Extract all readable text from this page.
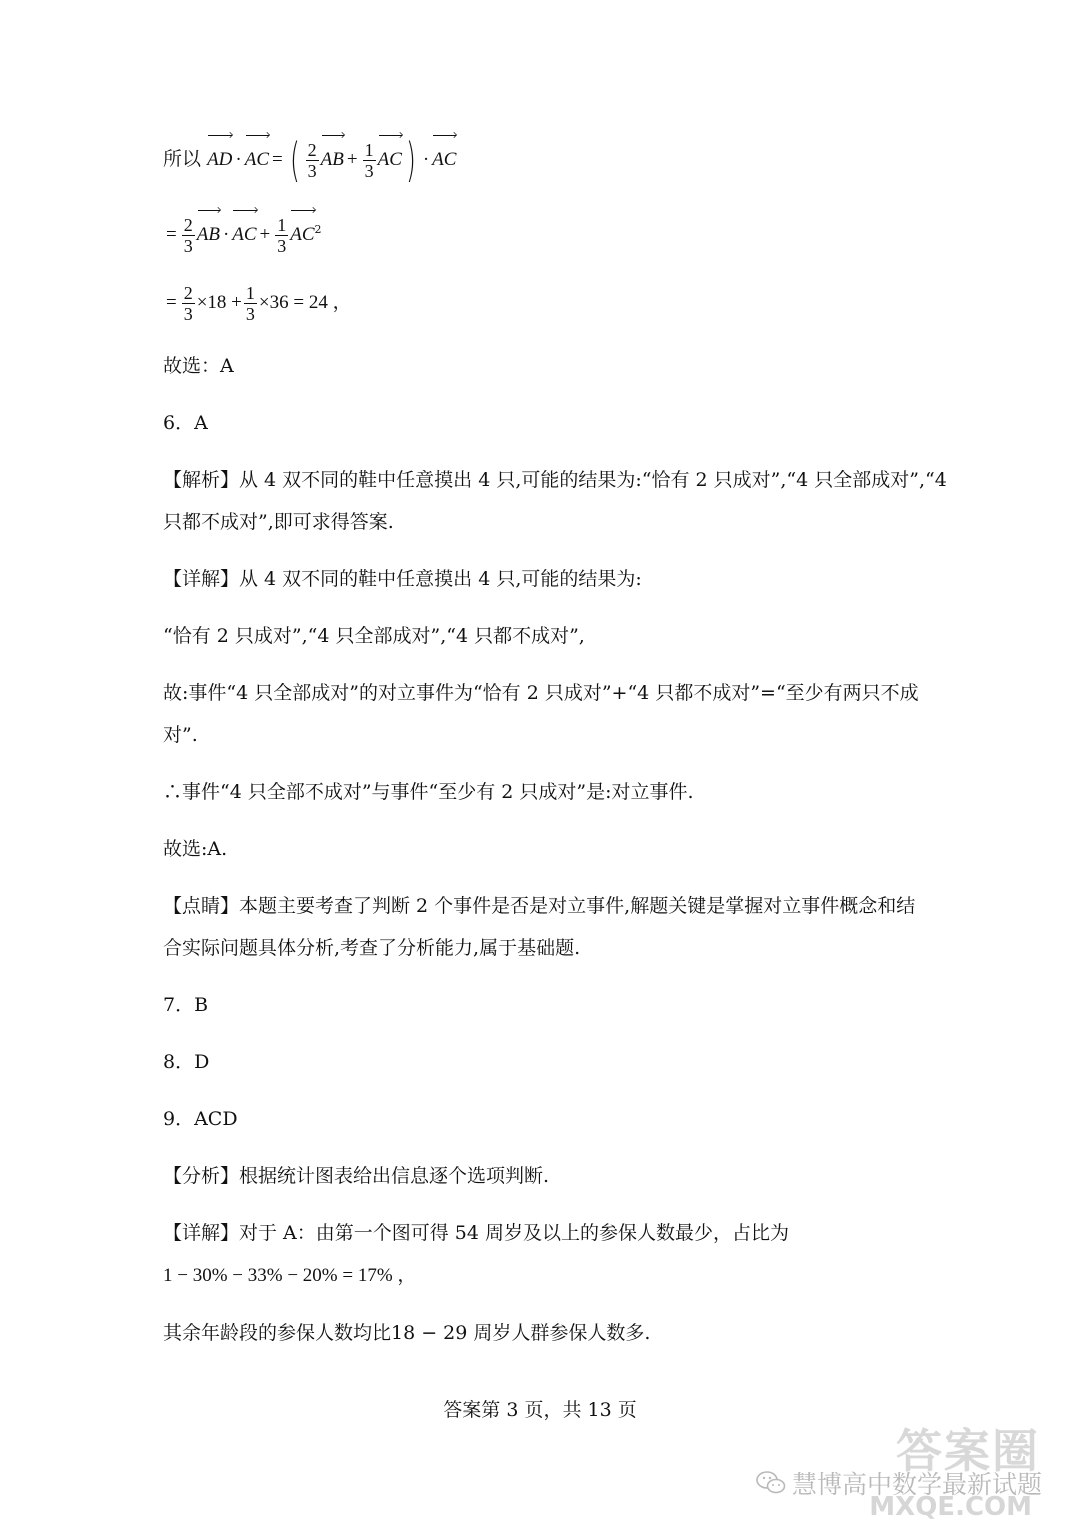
所以 AD · AC = ( $\frac{2}{3}$ AB + $\frac{1}{3} AC$) · AC
= $\frac{2}{3}$ AB · AC + $\frac{1}{3} AC^2$
= $\frac{2}{3} \times 18 + \frac{1}{3} \times 36 = 24$ ，
故选：A
6．A
【解析】从 4 双不同的鞋中任意摸出 4 只,可能的结果为:“恰有 2 只成对”,“4 只全部成对”,“4
只都不成对”,即可求得答案.
【详解】从 4 双不同的鞋中任意摸出 4 只,可能的结果为:
“恰有 2 只成对”,“4 只全部成对”,“4 只都不成对”,
故:事件“4 只全部成对”的对立事件为“恰有 2 只成对”+“4 只都不成对”=“至少有两只不成
对”.
∴事件“4 只全部不成对”与事件“至少有 2 只成对”是:对立事件.
故选:A.
【点睛】本题主要考查了判断 2 个事件是否是对立事件,解题关键是掌握对立事件概念和结
合实际问题具体分析,考查了分析能力,属于基础题.
7．B
8．D
9．ACD
【分析】根据统计图表给出信息逐个选项判断.
【详解】对于 A：由第一个图可得 54 周岁及以上的参保人数最少，占比为
1 − 30% − 33% − 20% = 17% ，
其余年龄段的参保人数均比18 − 29 周岁人群参保人数多.
答案第 3 页，共 13 页
答案圈
慧博高中数学最新试题
MXQE.COM
